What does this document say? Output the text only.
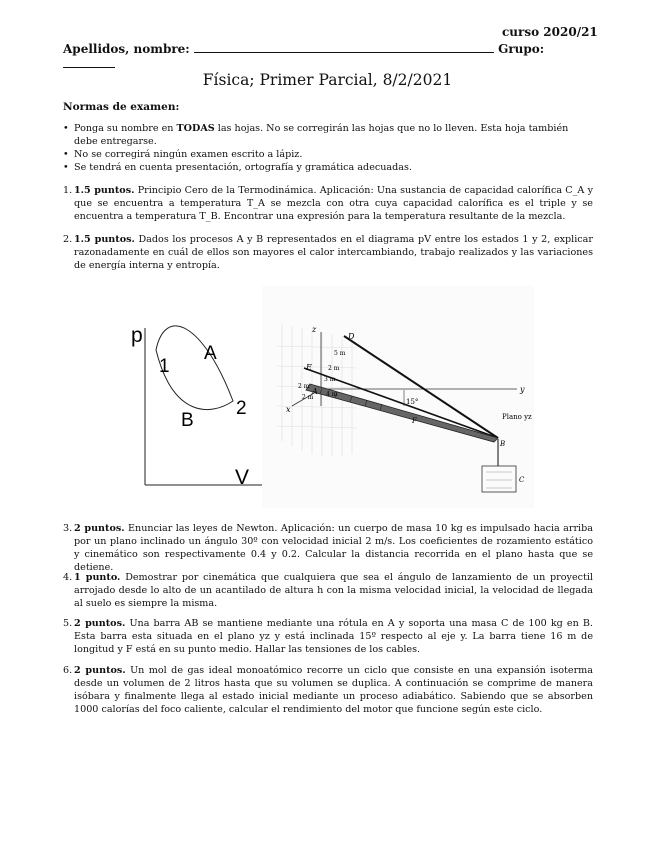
curso 2020/21
Apellidos, nombre:	Grupo:
Física; Primer Parcial, 8/2/2021
Normas de examen:
• Ponga su nombre en TODAS las hojas. No se corregirán las hojas que no lo lleven. Esta hoja también debe entregarse.
• No se corregirá ningún examen escrito a lápiz.
• Se tendrá en cuenta presentación, ortografía y gramática adecuadas.
1. 1.5 puntos. Principio Cero de la Termodinámica. Aplicación: Una sustancia de capacidad calorífica C_A y que se encuentra a temperatura T_A se mezcla con otra cuya capacidad calorífica es el triple y se encuentra a temperatura T_B. Encontrar una expresión para la temperatura resultante de la mezcla.
2. 1.5 puntos. Dados los procesos A y B representados en el diagrama pV entre los estados 1 y 2, explicar razonadamente en cuál de ellos son mayores el calor intercambiando, trabajo realizados y las variaciones de energía interna y entropía.
p
V
1
A
B
2
z
y
x
D
5 m
2 m
3 m
E
2 m
2 m
A 4 m
15°
F	Plano yz
B
C
3. 2 puntos. Enunciar las leyes de Newton. Aplicación: un cuerpo de masa 10 kg es impulsado hacia arriba por un plano inclinado un ángulo 30º con velocidad inicial 2 m/s. Los coeficientes de rozamiento estático y cinemático son respectivamente 0.4 y 0.2. Calcular la distancia recorrida en el plano hasta que se detiene.
4. 1 punto. Demostrar por cinemática que cualquiera que sea el ángulo de lanzamiento de un proyectil arrojado desde lo alto de un acantilado de altura h con la misma velocidad inicial, la velocidad de llegada al suelo es siempre la misma.
5. 2 puntos. Una barra AB se mantiene mediante una rótula en A y soporta una masa C de 100 kg en B. Esta barra esta situada en el plano yz y está inclinada 15º respecto al eje y. La barra tiene 16 m de longitud y F está en su punto medio. Hallar las tensiones de los cables.
6. 2 puntos. Un mol de gas ideal monoatómico recorre un ciclo que consiste en una expansión isoterma desde un volumen de 2 litros hasta que su volumen se duplica. A continuación se comprime de manera isóbara y finalmente llega al estado inicial mediante un proceso adiabático. Sabiendo que se absorben 1000 calorías del foco caliente, calcular el rendimiento del motor que funcione según este ciclo.
